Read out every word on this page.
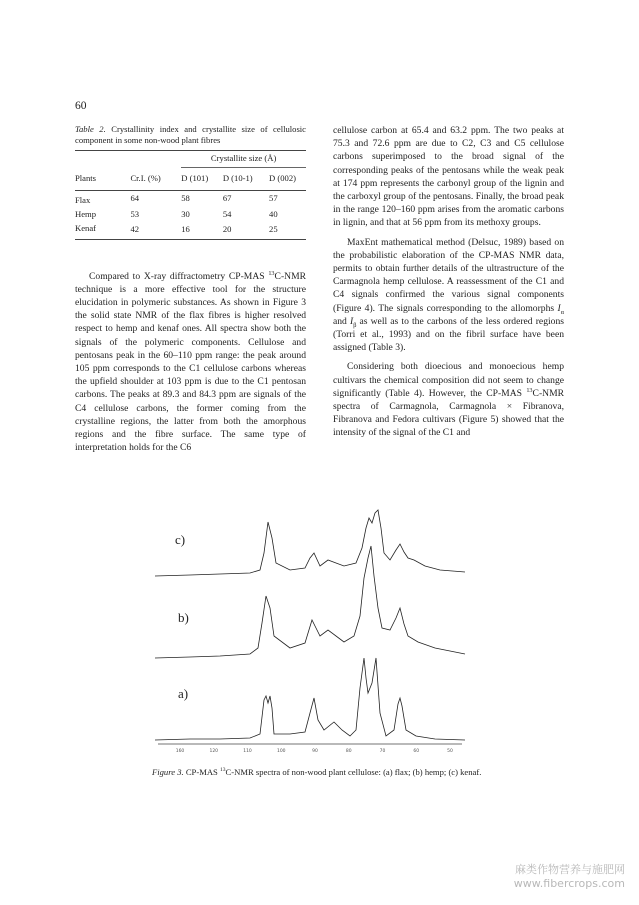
60
Table 2. Crystallinity index and crystallite size of cellulosic component in some non-wood plant fibres
		Crystallite size (Å)		
Plants	Cr.I. (%)	D (101)	D (10-1)	D (002)
Flax	64	58	67	57
Hemp	53	30	54	40
Kenaf	42	16	20	25

Compared to X-ray diffractometry CP-MAS $^{13}$C-NMR technique is a more effective tool for the structure elucidation in polymeric substances. As shown in Figure 3 the solid state NMR of the flax fibres is higher resolved respect to hemp and kenaf ones. All spectra show both the signals of the polymeric components. Cellulose and pentosans peak in the 60–110 ppm range: the peak around 105 ppm corresponds to the C1 cellulose carbons whereas the upfield shoulder at 103 ppm is due to the C1 pentosan carbons. The peaks at 89.3 and 84.3 ppm are signals of the C4 cellulose carbons, the former coming from the crystalline regions, the latter from both the amorphous regions and the fibre surface. The same type of interpretation holds for the C6

cellulose carbon at 65.4 and 63.2 ppm. The two peaks at 75.3 and 72.6 ppm are due to C2, C3 and C5 cellulose carbons superimposed to the broad signal of the corresponding peaks of the pentosans while the weak peak at 174 ppm represents the carbonyl group of the lignin and the carboxyl group of the pentosans. Finally, the broad peak in the range 120–160 ppm arises from the aromatic carbons in lignin, and that at 56 ppm from its methoxy groups.

MaxEnt mathematical method (Delsuc, 1989) based on the probabilistic elaboration of the CP-MAS NMR data, permits to obtain further details of the ultrastructure of the Carmagnola hemp cellulose. A reassessment of the C1 and C4 signals confirmed the various signal components (Figure 4). The signals corresponding to the allomorphs $I_\alpha$ and $I_\beta$ as well as to the carbons of the less ordered regions (Torri et al., 1993) and on the fibril surface have been assigned (Table 3).

Considering both dioecious and monoecious hemp cultivars the chemical composition did not seem to change significantly (Table 4). However, the CP-MAS $^{13}$C-NMR spectra of Carmagnola, Carmagnola × Fibranova, Fibranova and Fedora cultivars (Figure 5) showed that the intensity of the signal of the C1 and

160	120	110	100	90	80	70	60	50
c)
b)
a)
Figure 3. CP-MAS $^{13}$C-NMR spectra of non-wood plant cellulose: (a) flax; (b) hemp; (c) kenaf.
麻类作物营养与施肥网
www.fibercrops.com
